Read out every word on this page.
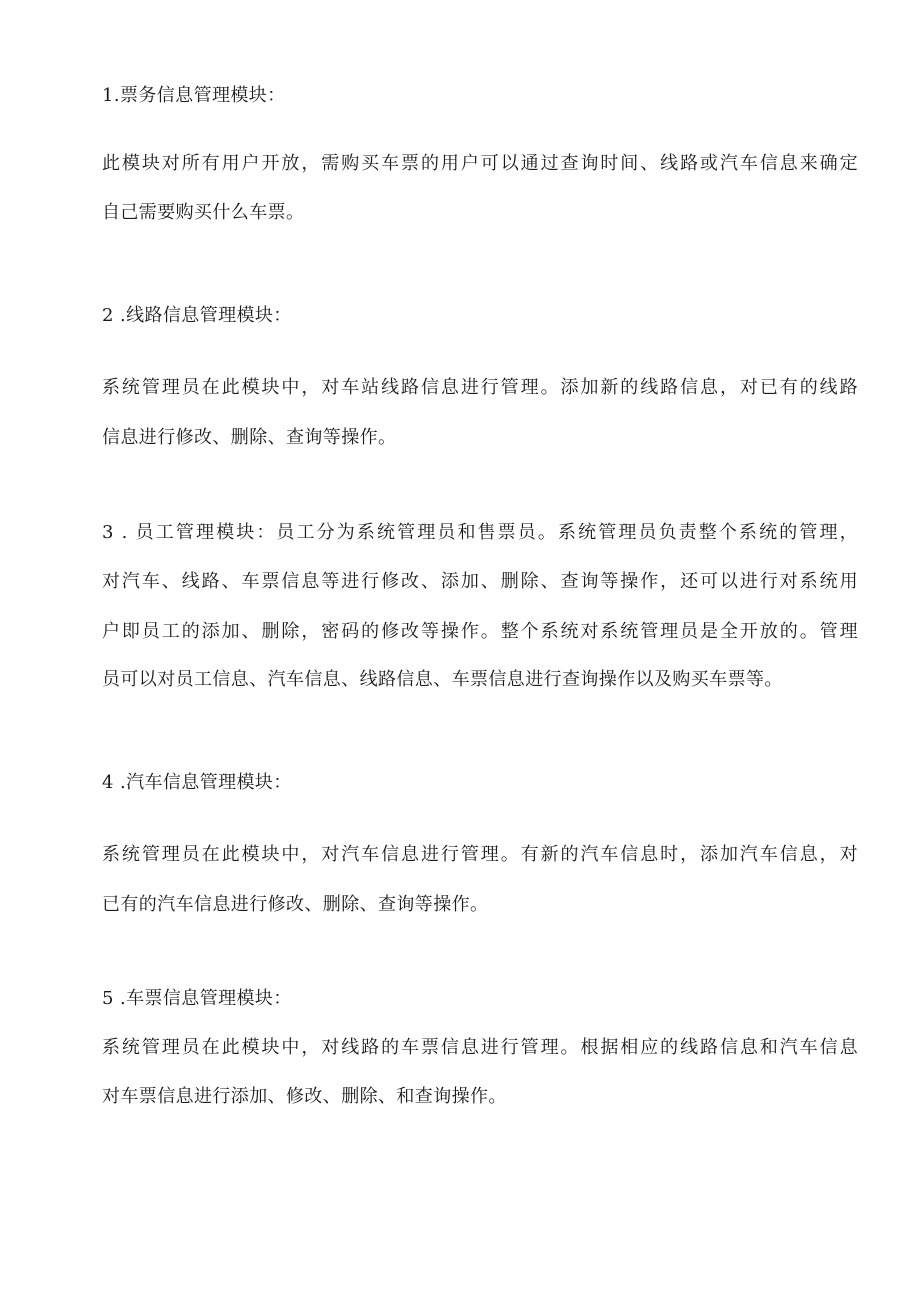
1.票务信息管理模块：
此模块对所有用户开放，需购买车票的用户可以通过查询时间、线路或汽车信息来确定
自己需要购买什么车票。
2 .线路信息管理模块：
系统管理员在此模块中，对车站线路信息进行管理。添加新的线路信息，对已有的线路
信息进行修改、删除、查询等操作。
3 . 员工管理模块：员工分为系统管理员和售票员。系统管理员负责整个系统的管理，
对汽车、线路、车票信息等进行修改、添加、删除、查询等操作，还可以进行对系统用
户即员工的添加、删除，密码的修改等操作。整个系统对系统管理员是全开放的。管理
员可以对员工信息、汽车信息、线路信息、车票信息进行查询操作以及购买车票等。
4 .汽车信息管理模块：
系统管理员在此模块中，对汽车信息进行管理。有新的汽车信息时，添加汽车信息，对
已有的汽车信息进行修改、删除、查询等操作。
5 .车票信息管理模块：
系统管理员在此模块中，对线路的车票信息进行管理。根据相应的线路信息和汽车信息
对车票信息进行添加、修改、删除、和查询操作。
